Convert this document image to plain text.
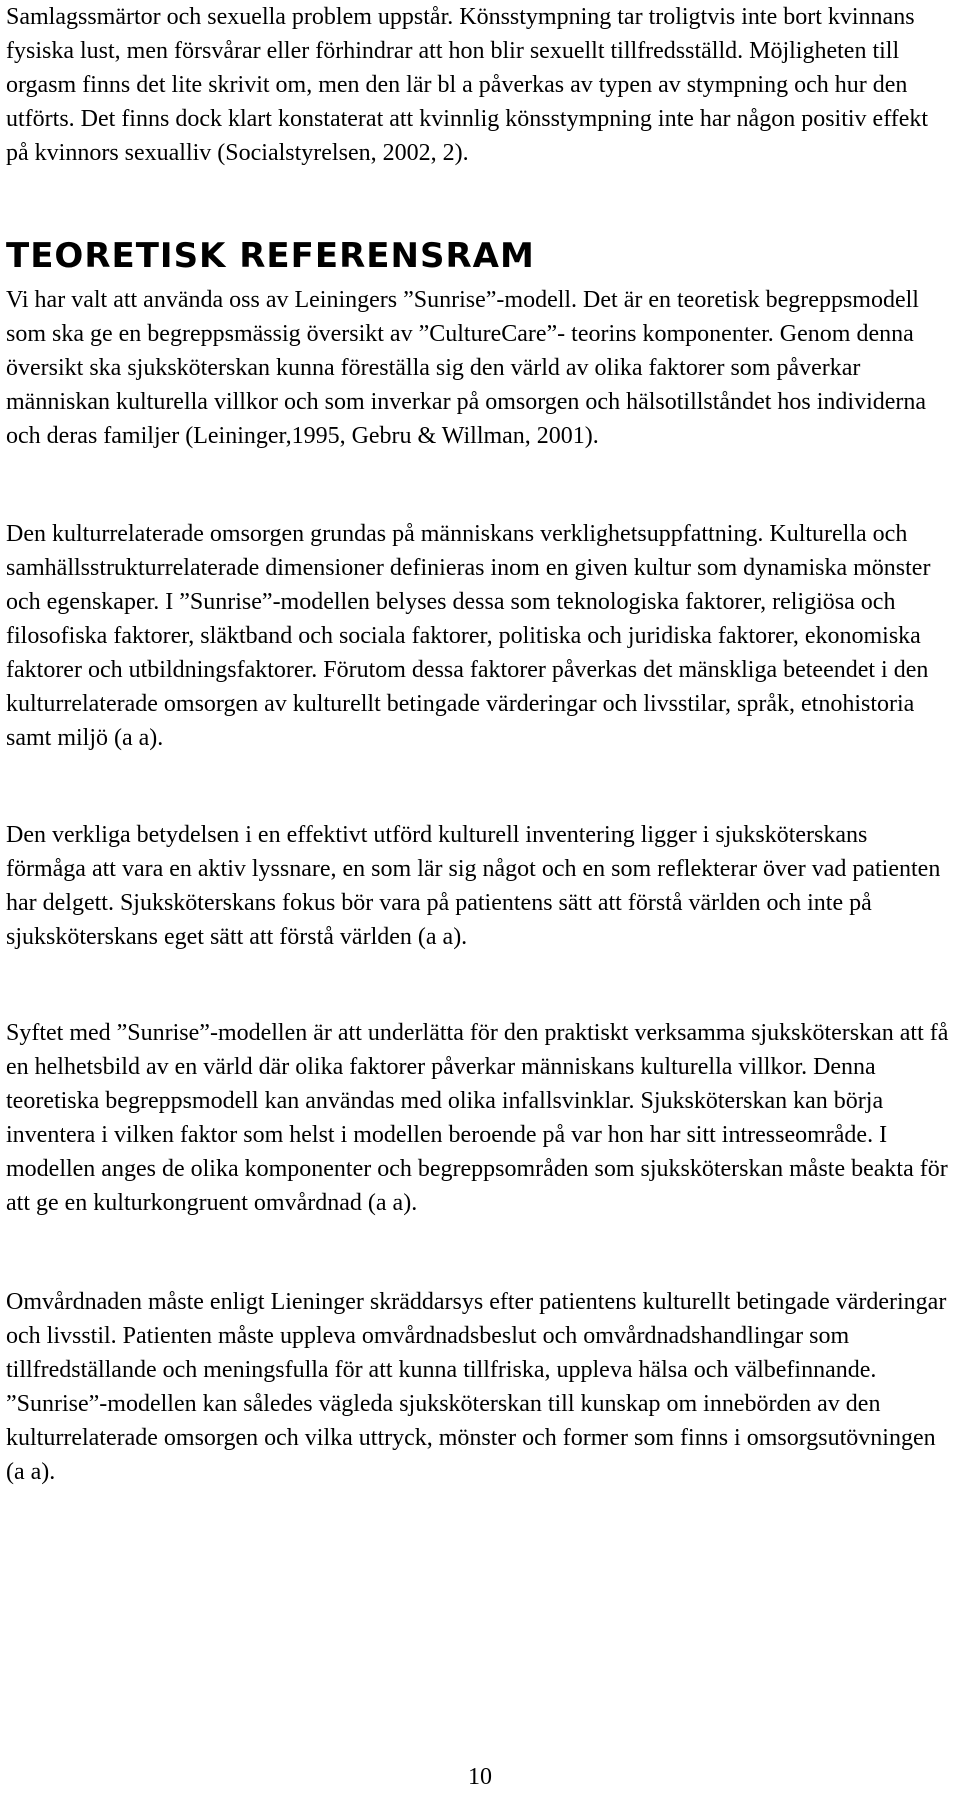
Samlagssmärtor och sexuella problem uppstår. Könsstympning tar troligtvis inte bort kvinnans fysiska lust, men försvårar eller förhindrar att hon blir sexuellt tillfredsställd. Möjligheten till orgasm finns det lite skrivit om, men den lär bl a påverkas av typen av stympning och hur den utförts. Det finns dock klart konstaterat att kvinnlig könsstympning inte har någon positiv effekt på kvinnors sexualliv (Socialstyrelsen, 2002, 2).

TEORETISK REFERENSRAM

Vi har valt att använda oss av Leiningers ”Sunrise”-modell. Det är en teoretisk begreppsmodell som ska ge en begreppsmässig översikt av ”CultureCare”- teorins komponenter. Genom denna översikt ska sjuksköterskan kunna föreställa sig den värld av olika faktorer som påverkar människan kulturella villkor och som inverkar på omsorgen och hälsotillståndet hos individerna och deras familjer (Leininger,1995, Gebru & Willman, 2001).

Den kulturrelaterade omsorgen grundas på människans verklighetsuppfattning. Kulturella och samhällsstrukturrelaterade dimensioner definieras inom en given kultur som dynamiska mönster och egenskaper. I ”Sunrise”-modellen belyses dessa som teknologiska faktorer, religiösa och filosofiska faktorer, släktband och sociala faktorer, politiska och juridiska faktorer, ekonomiska faktorer och utbildningsfaktorer. Förutom dessa faktorer påverkas det mänskliga beteendet i den kulturrelaterade omsorgen av kulturellt betingade värderingar och livsstilar, språk, etnohistoria samt miljö (a a).

Den verkliga betydelsen i en effektivt utförd kulturell inventering ligger i sjuksköterskans förmåga att vara en aktiv lyssnare, en som lär sig något och en som reflekterar över vad patienten har delgett. Sjuksköterskans fokus bör vara på patientens sätt att förstå världen och inte på sjuksköterskans eget sätt att förstå världen (a a).

Syftet med ”Sunrise”-modellen är att underlätta för den praktiskt verksamma sjuksköterskan att få en helhetsbild av en värld där olika faktorer påverkar människans kulturella villkor. Denna teoretiska begreppsmodell kan användas med olika infallsvinklar. Sjuksköterskan kan börja inventera i vilken faktor som helst i modellen beroende på var hon har sitt intresseområde. I modellen anges de olika komponenter och begreppsområden som sjuksköterskan måste beakta för att ge en kulturkongruent omvårdnad (a a).

Omvårdnaden måste enligt Lieninger skräddarsys efter patientens kulturellt betingade värderingar och livsstil. Patienten måste uppleva omvårdnadsbeslut och omvårdnadshandlingar som tillfredställande och meningsfulla för att kunna tillfriska, uppleva hälsa och välbefinnande. ”Sunrise”-modellen kan således vägleda sjuksköterskan till kunskap om innebörden av den kulturrelaterade omsorgen och vilka uttryck, mönster och former som finns i omsorgsutövningen (a a).

10
